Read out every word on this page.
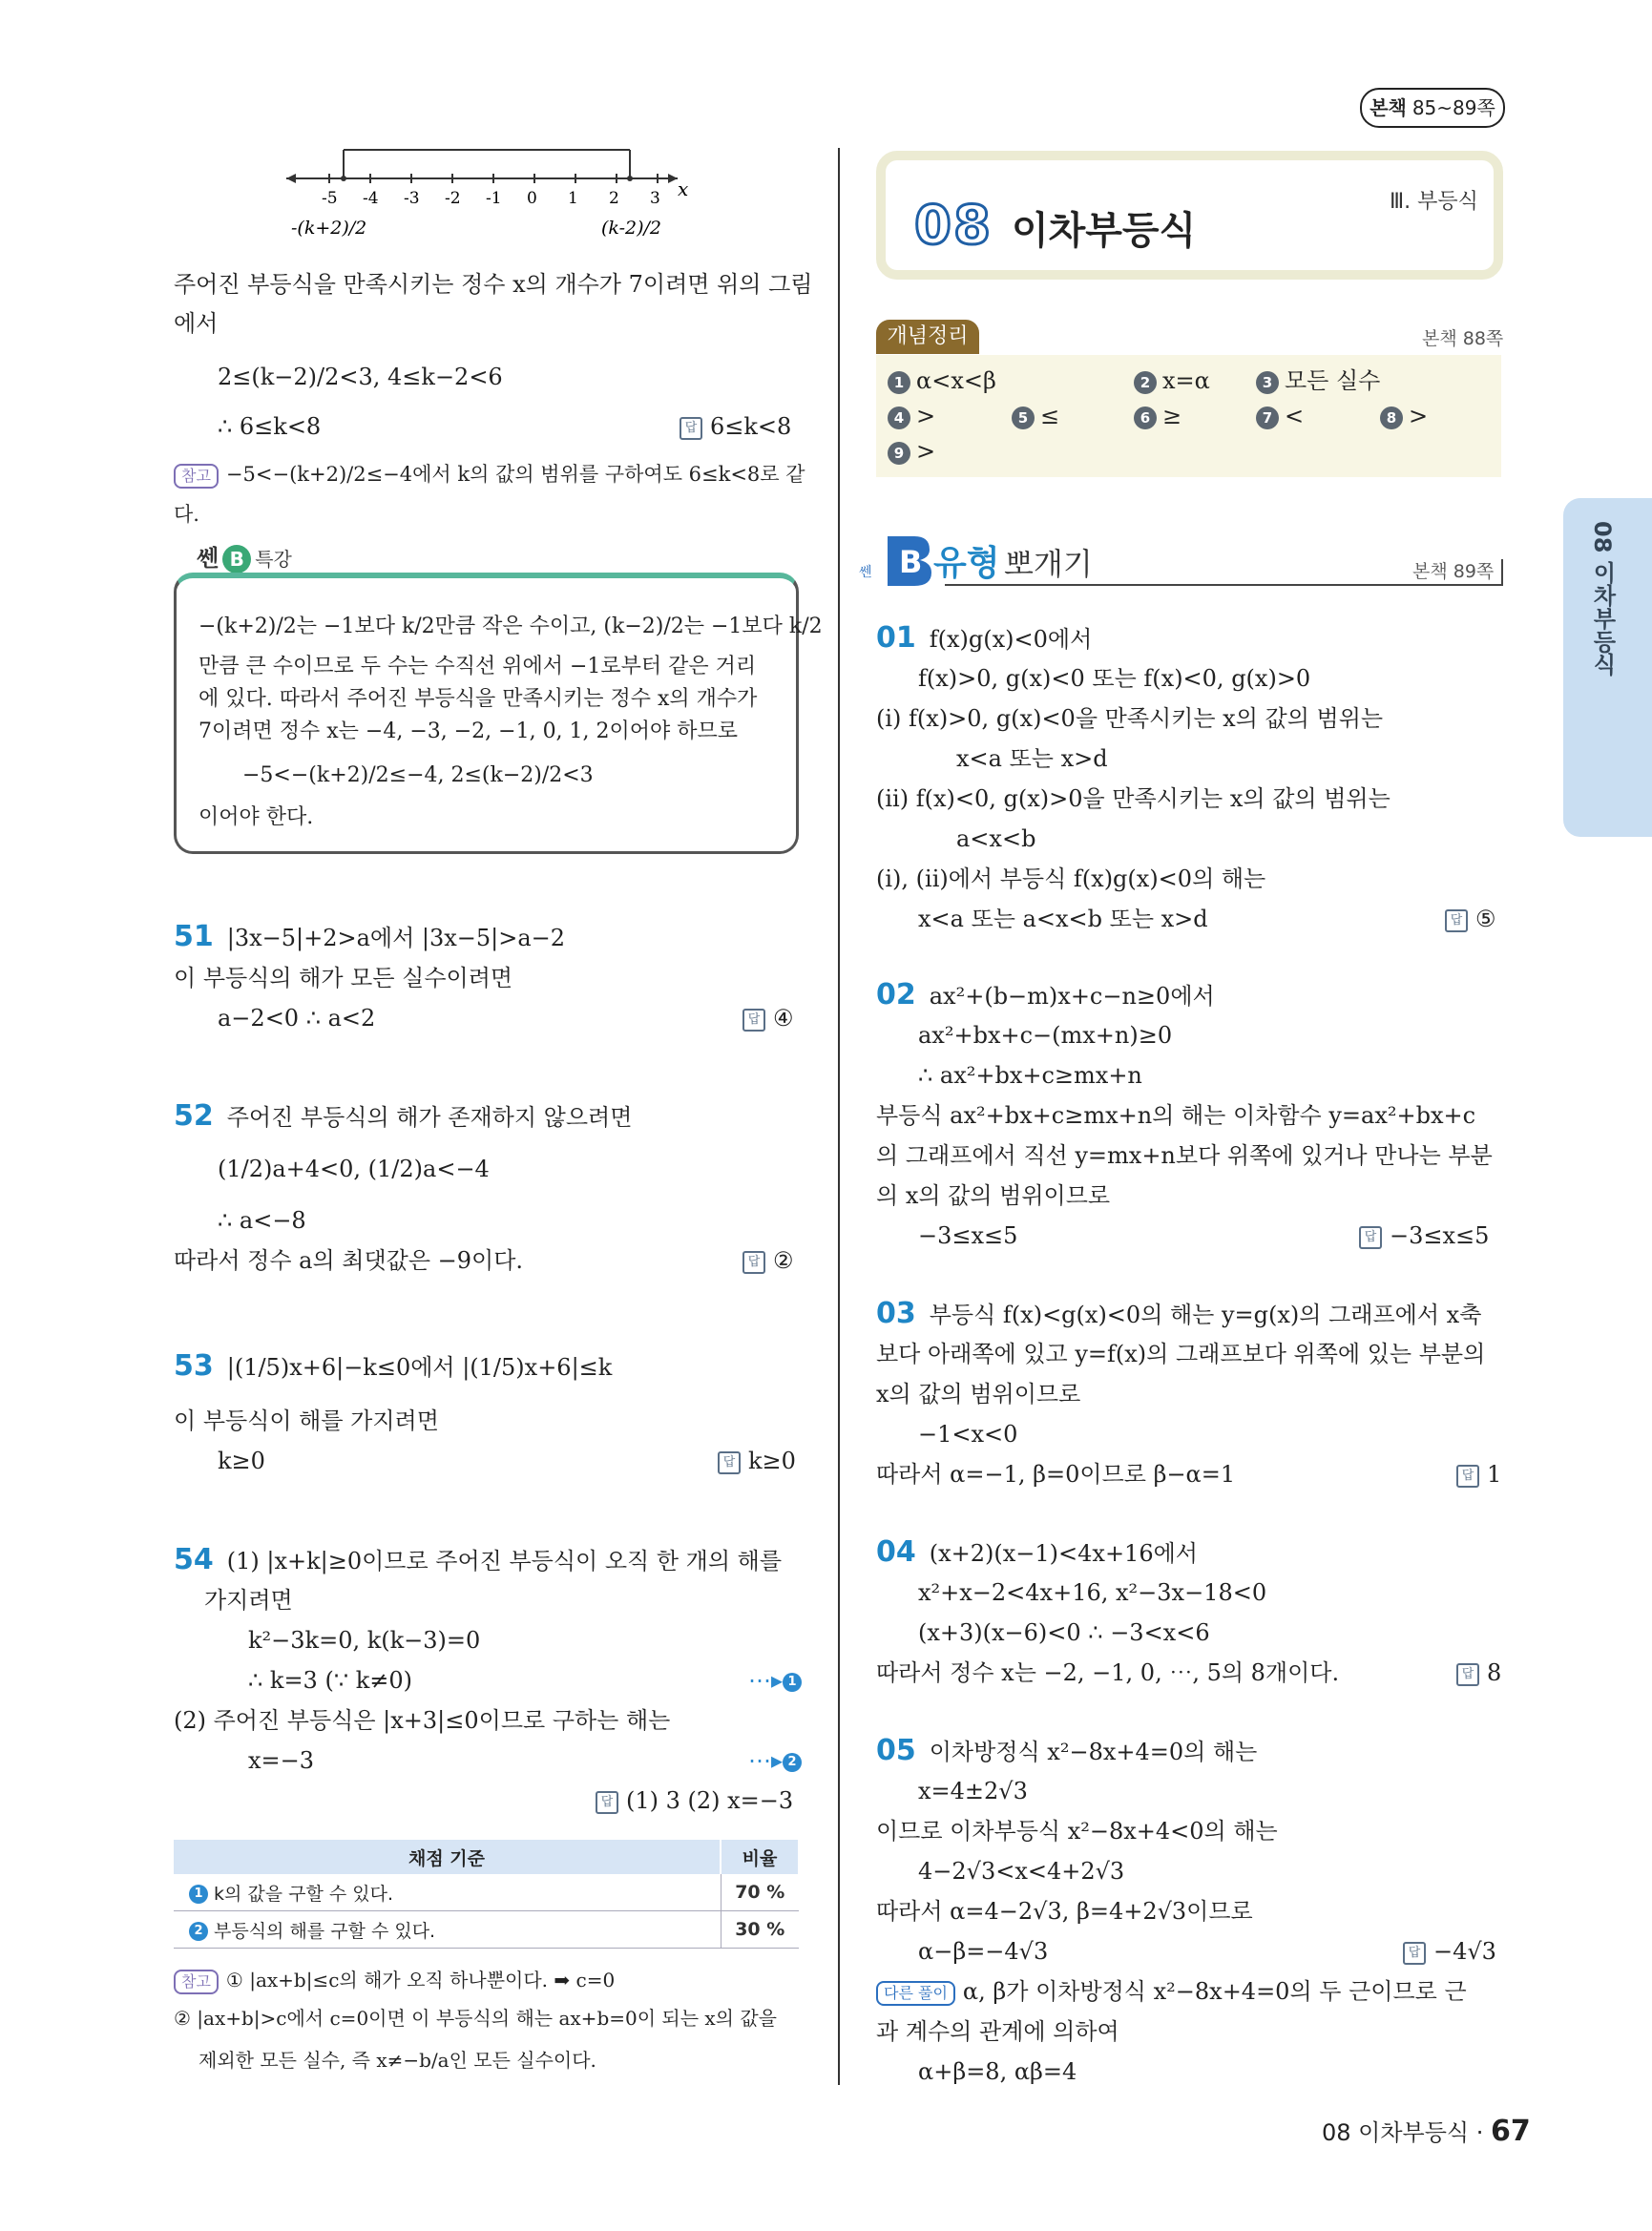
본책 85~89쪽
-5 -4 -3 -2 -1 0 1 2 3 x
-(k+2)/2	(k-2)/2
주어진 부등식을 만족시키는 정수 x의 개수가 7이려면 위의 그림
에서
2≤(k−2)/2<3, 4≤k−2<6
∴ 6≤k<8	답 6≤k<8
참고 −5<−(k+2)/2≤−4에서 k의 값의 범위를 구하여도 6≤k<8로 같
다.
쎈 B 특강
−(k+2)/2는 −1보다 k/2만큼 작은 수이고, (k−2)/2는 −1보다 k/2
만큼 큰 수이므로 두 수는 수직선 위에서 −1로부터 같은 거리
에 있다. 따라서 주어진 부등식을 만족시키는 정수 x의 개수가
7이려면 정수 x는 −4, −3, −2, −1, 0, 1, 2이어야 하므로
−5<−(k+2)/2≤−4, 2≤(k−2)/2<3
이어야 한다.
51 |3x−5|+2>a에서 |3x−5|>a−2
이 부등식의 해가 모든 실수이려면
a−2<0 ∴ a<2	답 ④
52 주어진 부등식의 해가 존재하지 않으려면
(1/2)a+4<0, (1/2)a<−4
∴ a<−8
따라서 정수 a의 최댓값은 −9이다.	답 ②
53 |(1/5)x+6|−k≤0에서 |(1/5)x+6|≤k
이 부등식이 해를 가지려면
k≥0	답 k≥0
54 (1) |x+k|≥0이므로 주어진 부등식이 오직 한 개의 해를
가지려면
k²−3k=0, k(k−3)=0
∴ k=3 (∵ k≠0)	⋯▸ 1
(2) 주어진 부등식은 |x+3|≤0이므로 구하는 해는
x=−3	⋯▸ 2
답 (1) 3 (2) x=−3
채점 기준	비율
1 k의 값을 구할 수 있다.	70 %
2 부등식의 해를 구할 수 있다.	30 %
참고 ① |ax+b|≤c의 해가 오직 하나뿐이다. ➡ c=0
② |ax+b|>c에서 c=0이면 이 부등식의 해는 ax+b=0이 되는 x의 값을
제외한 모든 실수, 즉 x≠−b/a인 모든 실수이다.
08 이차부등식
Ⅲ. 부등식
개념정리	본책 88쪽
1 α<x<β	2 x=α	3 모든 실수
4 >	5 ≤	6 ≥	7 <	8 >
9 >
B
쎈 유형 뽀개기	본책 89쪽	08 이차부등식
01 f(x)g(x)<0에서
f(x)>0, g(x)<0 또는 f(x)<0, g(x)>0
(i) f(x)>0, g(x)<0을 만족시키는 x의 값의 범위는
x<a 또는 x>d
(ii) f(x)<0, g(x)>0을 만족시키는 x의 값의 범위는
a<x<b
(i), (ii)에서 부등식 f(x)g(x)<0의 해는
x<a 또는 a<x<b 또는 x>d	답 ⑤
02 ax²+(b−m)x+c−n≥0에서
ax²+bx+c−(mx+n)≥0
∴ ax²+bx+c≥mx+n
부등식 ax²+bx+c≥mx+n의 해는 이차함수 y=ax²+bx+c
의 그래프에서 직선 y=mx+n보다 위쪽에 있거나 만나는 부분
의 x의 값의 범위이므로
−3≤x≤5	답 −3≤x≤5
03 부등식 f(x)<g(x)<0의 해는 y=g(x)의 그래프에서 x축
보다 아래쪽에 있고 y=f(x)의 그래프보다 위쪽에 있는 부분의
x의 값의 범위이므로
−1<x<0
따라서 α=−1, β=0이므로 β−α=1	답 1
04 (x+2)(x−1)<4x+16에서
x²+x−2<4x+16, x²−3x−18<0
(x+3)(x−6)<0 ∴ −3<x<6
따라서 정수 x는 −2, −1, 0, ⋯, 5의 8개이다.	답 8
05 이차방정식 x²−8x+4=0의 해는
x=4±2√3
이므로 이차부등식 x²−8x+4<0의 해는
4−2√3<x<4+2√3
따라서 α=4−2√3, β=4+2√3이므로
α−β=−4√3	답 −4√3
다른 풀이 α, β가 이차방정식 x²−8x+4=0의 두 근이므로 근
과 계수의 관계에 의하여
α+β=8, αβ=4
08 이차부등식 · 67
